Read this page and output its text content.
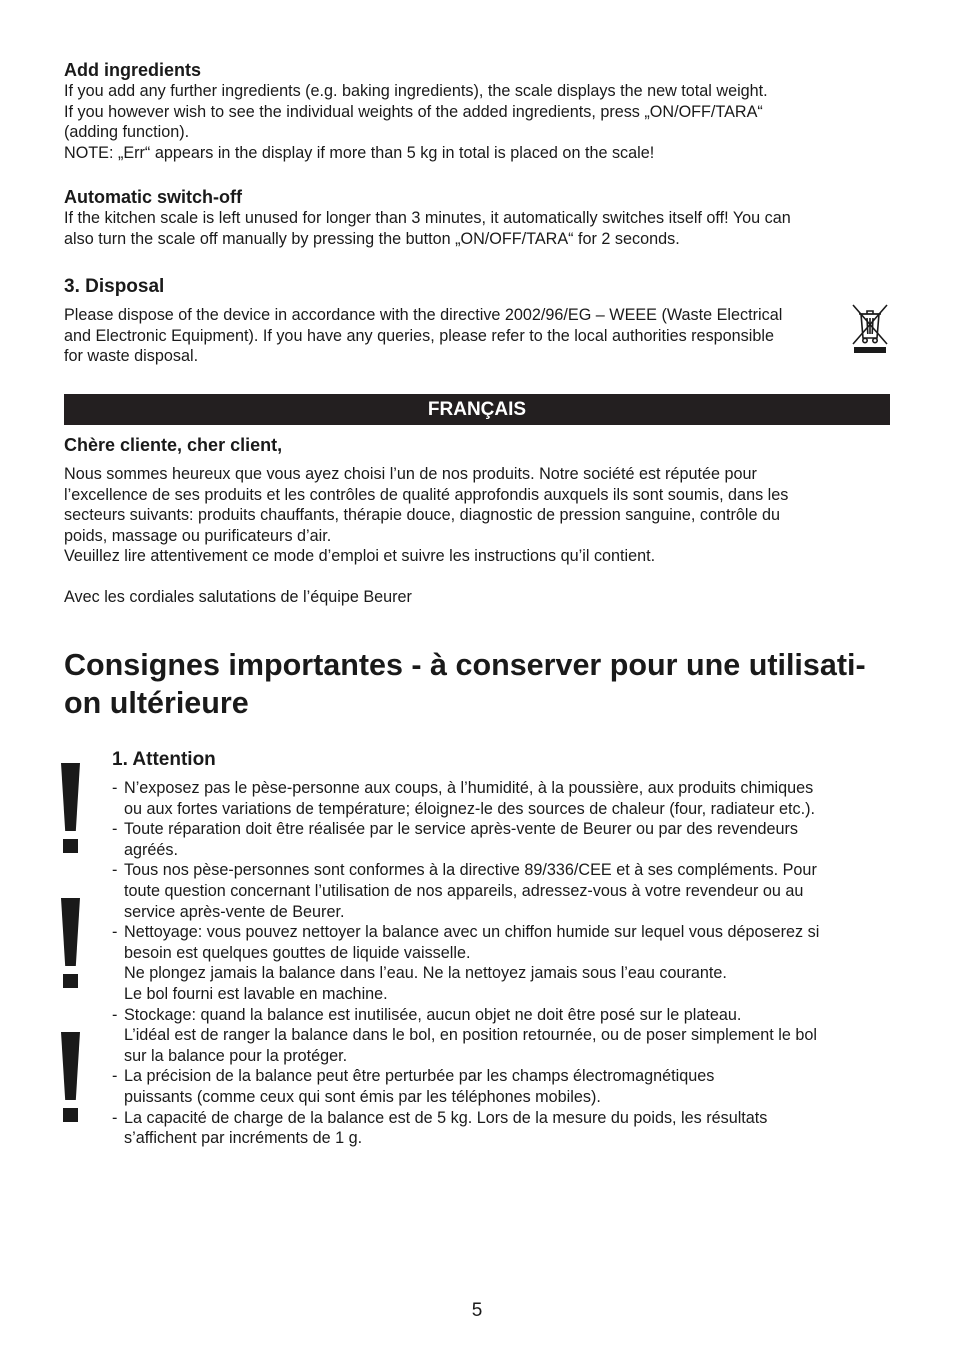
Add ingredients

If you add any further ingredients (e.g. baking ingredients), the scale displays the new total weight.
If you however wish to see the individual weights of the added ingredients, press „ON/OFF/TARA“
(adding function).
NOTE: „Err“ appears in the display if more than 5 kg in total is placed on the scale!

Automatic switch-off

If the kitchen scale is left unused for longer than 3 minutes, it automatically switches itself off! You can
also turn the scale off manually by pressing the button „ON/OFF/TARA“ for 2 seconds.

3. Disposal

Please dispose of the device in accordance with the directive 2002/96/EG – WEEE (Waste Electrical
and Electronic Equipment). If you have any queries, please refer to the local authorities responsible
for waste disposal.

FRANÇAIS
Chère cliente, cher client,

Nous sommes heureux que vous ayez choisi l’un de nos produits. Notre société est réputée pour
l’excellence de ses produits et les contrôles de qualité approfondis auxquels ils sont soumis, dans les
secteurs suivants: produits chauffants, thérapie douce, diagnostic de pression sanguine, contrôle du
poids, massage ou purificateurs d’air.
Veuillez lire attentivement ce mode d’emploi et suivre les instructions qu’il contient.

Avec les cordiales salutations de l’équipe Beurer

Consignes importantes - à conserver pour une utilisati-
on ultérieure
1. Attention
- N’exposez pas le pèse-personne aux coups, à l’humidité, à la poussière, aux produits chimiques
ou aux fortes variations de température; éloignez-le des sources de chaleur (four, radiateur etc.).
- Toute réparation doit être réalisée par le service après-vente de Beurer ou par des revendeurs
agréés.
- Tous nos pèse-personnes sont conformes à la directive 89/336/CEE et à ses compléments. Pour
toute question concernant l’utilisation de nos appareils, adressez-vous à votre revendeur ou au
service après-vente de Beurer.
- Nettoyage: vous pouvez nettoyer la balance avec un chiffon humide sur lequel vous déposerez si
besoin est quelques gouttes de liquide vaisselle.
Ne plongez jamais la balance dans l’eau. Ne la nettoyez jamais sous l’eau courante.
Le bol fourni est lavable en machine.
- Stockage: quand la balance est inutilisée, aucun objet ne doit être posé sur le plateau.
L’idéal est de ranger la balance dans le bol, en position retournée, ou de poser simplement le bol
sur la balance pour la protéger.
- La précision de la balance peut être perturbée par les champs électromagnétiques
puissants (comme ceux qui sont émis par les téléphones mobiles).
- La capacité de charge de la balance est de 5 kg. Lors de la mesure du poids, les résultats
s’affichent par incréments de 1 g.
5
